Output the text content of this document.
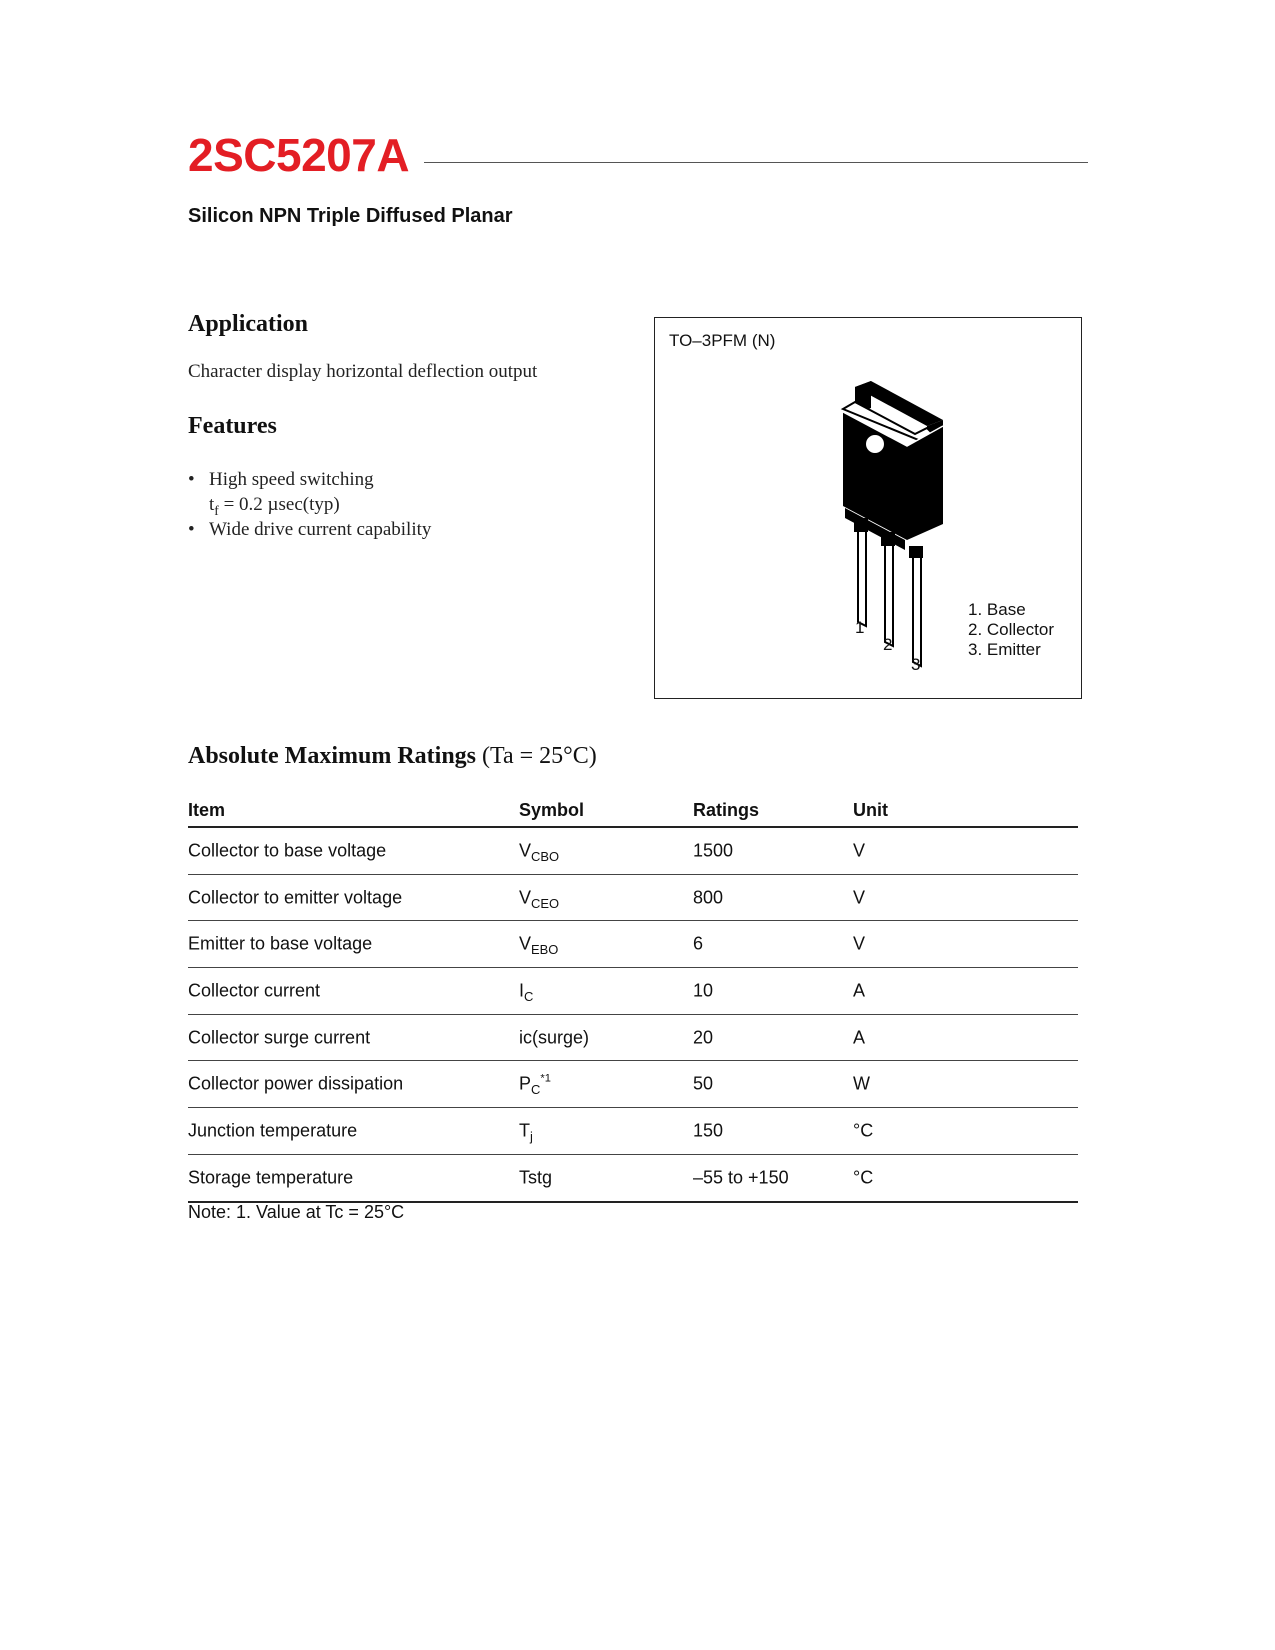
2SC5207A
Silicon NPN Triple Diffused Planar
Application
Character display horizontal deflection output
Features
• High speed switching
$t_f = 0.2$ µsec(typ)
• Wide drive current capability
TO–3PFM (N)
1
2
3
1. Base
2. Collector
3. Emitter
Absolute Maximum Ratings (Ta = 25°C)
Item	Symbol	Ratings	Unit
Collector to base voltage	$V_{CBO}$	1500	V
Collector to emitter voltage	$V_{CEO}$	800	V
Emitter to base voltage	$V_{EBO}$	6	V
Collector current	$I_C$	10	A
Collector surge current	ic(surge)	20	A
Collector power dissipation	$P_C^{*1}$	50	W
Junction temperature	$T_j$	150	°C
Storage temperature	Tstg	–55 to +150	°C
Note: 1. Value at Tc = 25°C
